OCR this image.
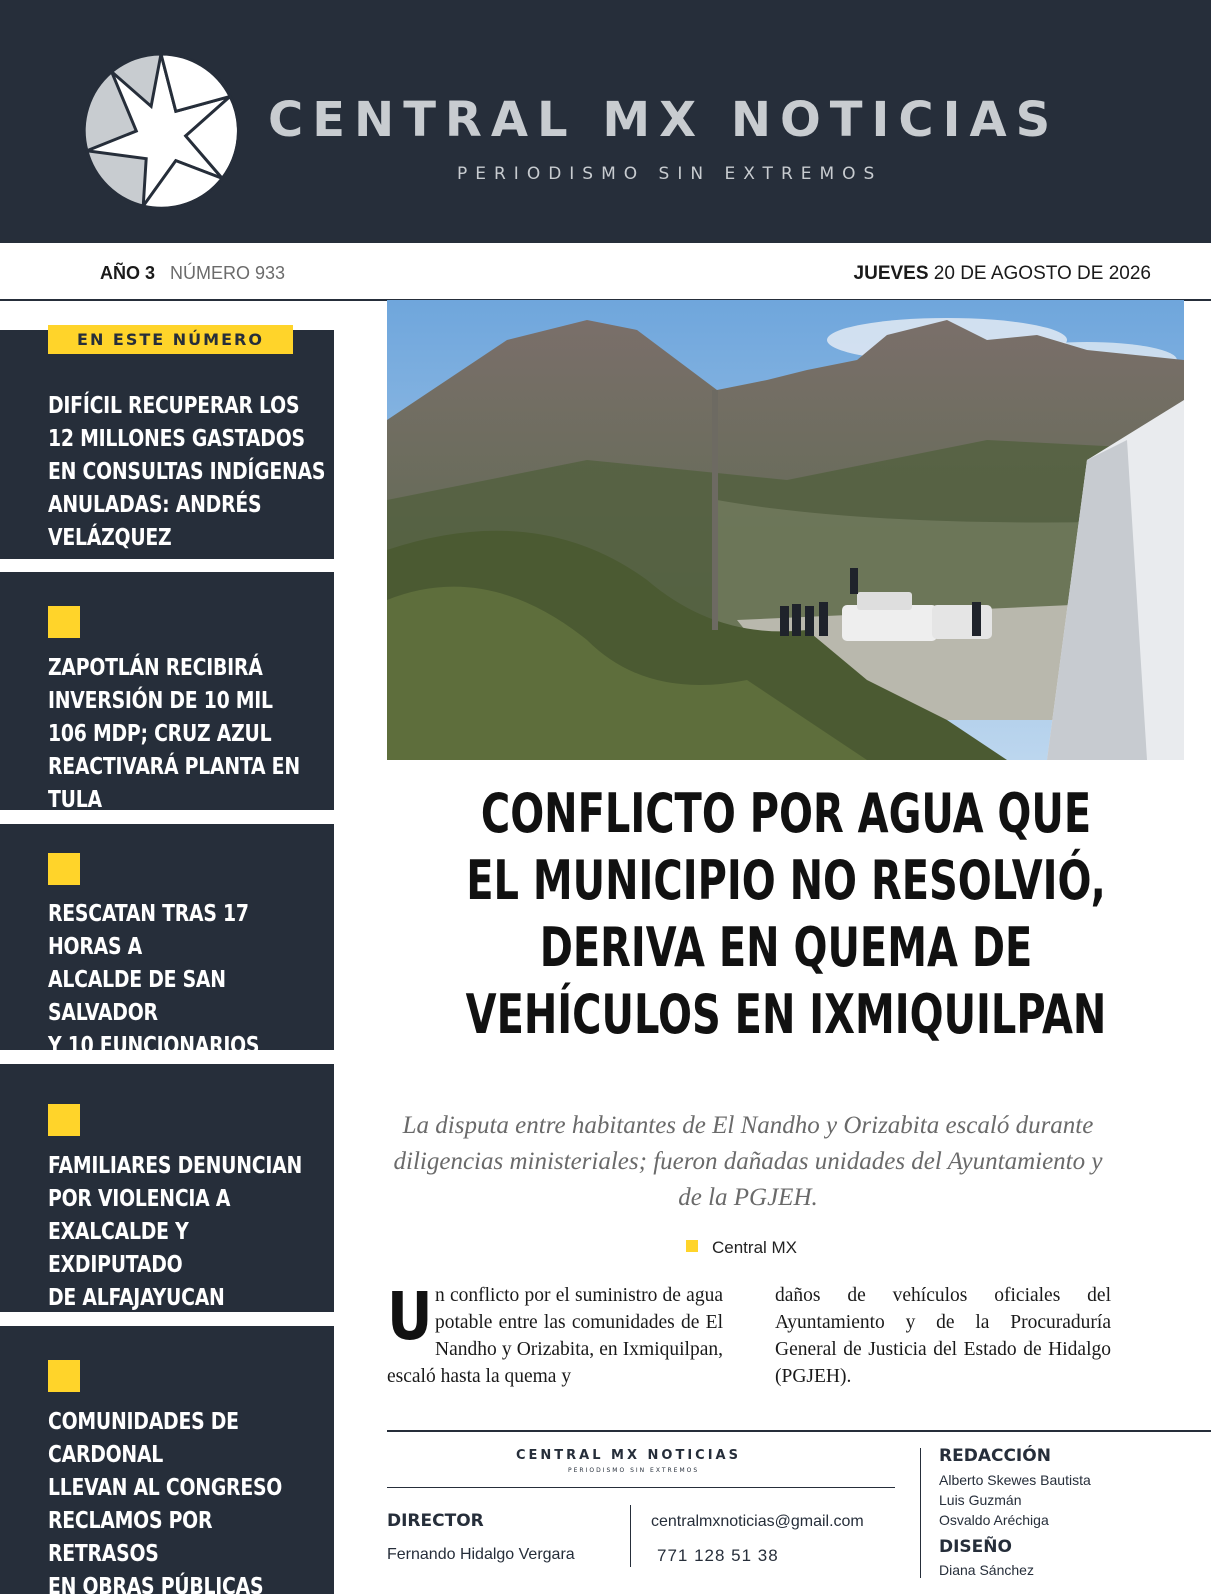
CENTRAL MX NOTICIAS
PERIODISMO SIN EXTREMOS
AÑO 3 NÚMERO 933	JUEVES 20 DE AGOSTO DE 2026
EN ESTE NÚMERO
DIFÍCIL RECUPERAR LOS
12 MILLONES GASTADOS
EN CONSULTAS INDÍGENAS
ANULADAS: ANDRÉS VELÁZQUEZ
ZAPOTLÁN RECIBIRÁ
INVERSIÓN DE 10 MIL
106 MDP; CRUZ AZUL
REACTIVARÁ PLANTA EN TULA
RESCATAN TRAS 17 HORAS A
ALCALDE DE SAN SALVADOR
Y 10 FUNCIONARIOS
FAMILIARES DENUNCIAN
POR VIOLENCIA A
EXALCALDE Y EXDIPUTADO
DE ALFAJAYUCAN
COMUNIDADES DE CARDONAL
LLEVAN AL CONGRESO
RECLAMOS POR RETRASOS
EN OBRAS PÚBLICAS
CONFLICTO POR AGUA QUE
EL MUNICIPIO NO RESOLVIÓ,
DERIVA EN QUEMA DE
VEHÍCULOS EN IXMIQUILPAN
La disputa entre habitantes de El Nandho y Orizabita escaló durante diligencias ministeriales; fueron dañadas unidades del Ayuntamiento y de la PGJEH.
Central MX
Un conflicto por el suministro de agua potable entre las comunidades de El Nandho y Orizabita, en Ixmiquilpan, escaló hasta la quema y
daños de vehículos oficiales del Ayuntamiento y de la Procuraduría General de Justicia del Estado de Hidalgo (PGJEH).
CENTRAL MX NOTICIAS
PERIODISMO SIN EXTREMOS
DIRECTOR
Fernando Hidalgo Vergara
centralmxnoticias@gmail.com
771 128 51 38
REDACCIÓN
Alberto Skewes Bautista
Luis Guzmán
Osvaldo Aréchiga
DISEÑO
Diana Sánchez
